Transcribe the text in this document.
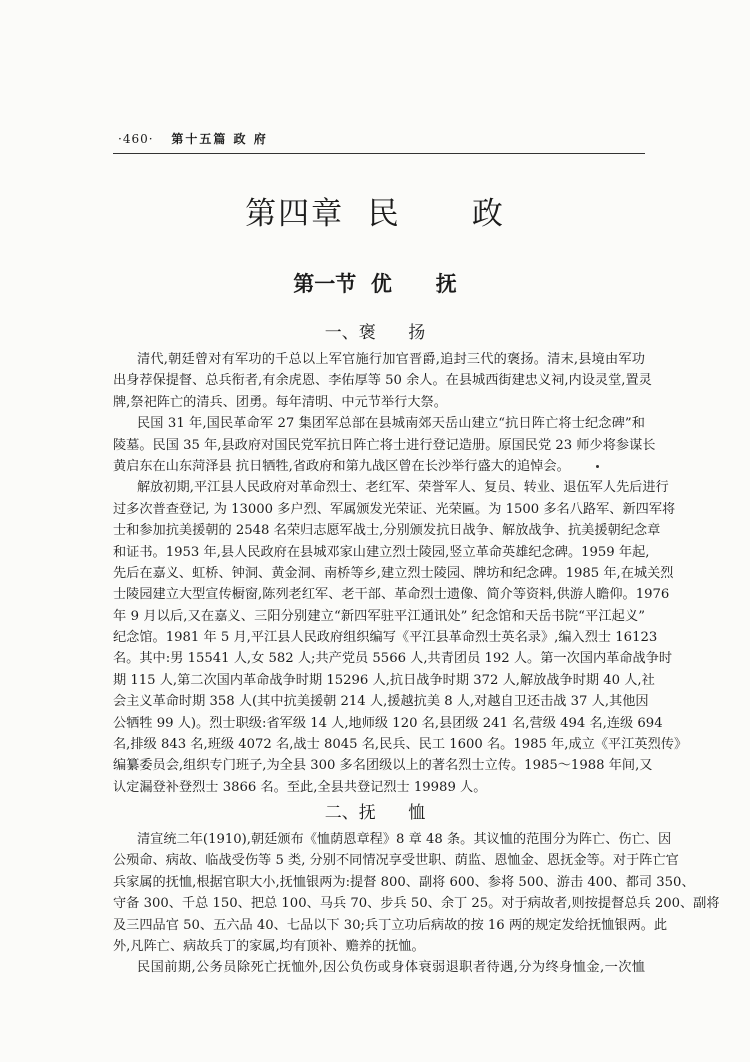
·460· 第十五篇 政 府
第四章  民      政
第一节  优      抚
一、褒      扬
清代,朝廷曾对有军功的千总以上军官施行加官晋爵,追封三代的褒扬。清末,县境由军功
出身荐保提督、总兵衔者,有余虎恩、李佑厚等 50 余人。在县城西街建忠义祠,内设灵堂,置灵
牌,祭祀阵亡的清兵、团勇。每年清明、中元节举行大祭。
民国 31 年,国民革命军 27 集团军总部在县城南郊天岳山建立“抗日阵亡将士纪念碑”和
陵墓。民国 35 年,县政府对国民党军抗日阵亡将士进行登记造册。原国民党 23 师少将参谋长
黄启东在山东菏泽县 抗日牺牲,省政府和第九战区曾在长沙举行盛大的追悼会。
解放初期,平江县人民政府对革命烈士、老红军、荣誉军人、复员、转业、退伍军人先后进行
过多次普查登记, 为 13000 多户烈、军属颁发光荣证、光荣匾。为 1500 多名八路军、新四军将
士和参加抗美援朝的 2548 名荣归志愿军战士,分别颁发抗日战争、解放战争、抗美援朝纪念章
和证书。1953 年,县人民政府在县城邓家山建立烈士陵园,竖立革命英雄纪念碑。1959 年起,
先后在嘉义、虹桥、钟洞、黄金洞、南桥等乡,建立烈士陵园、牌坊和纪念碑。1985 年,在城关烈
士陵园建立大型宣传橱窗,陈列老红军、老干部、革命烈士遗像、简介等资料,供游人瞻仰。1976
年 9 月以后,又在嘉义、三阳分别建立“新四军驻平江通讯处” 纪念馆和天岳书院“平江起义”
纪念馆。1981 年 5 月,平江县人民政府组织编写《平江县革命烈士英名录》,编入烈士 16123
名。其中:男 15541 人,女 582 人;共产党员 5566 人,共青团员 192 人。第一次国内革命战争时
期 115 人,第二次国内革命战争时期 15296 人,抗日战争时期 372 人,解放战争时期 40 人,社
会主义革命时期 358 人(其中抗美援朝 214 人,援越抗美 8 人,对越自卫还击战 37 人,其他因
公牺牲 99 人)。烈士职级:省军级 14 人,地师级 120 名,县团级 241 名,营级 494 名,连级 694
名,排级 843 名,班级 4072 名,战士 8045 名,民兵、民工 1600 名。1985 年,成立《平江英烈传》
编纂委员会,组织专门班子,为全县 300 多名团级以上的著名烈士立传。1985～1988 年间,又
认定漏登补登烈士 3866 名。至此,全县共登记烈士 19989 人。
二、抚      恤
清宣统二年(1910),朝廷颁布《恤荫恩章程》8 章 48 条。其议恤的范围分为阵亡、伤亡、因
公殒命、病故、临战受伤等 5 类, 分别不同情况享受世职、荫监、恩恤金、恩抚金等。对于阵亡官
兵家属的抚恤,根据官职大小,抚恤银两为:提督 800、副将 600、参将 500、游击 400、都司 350、
守备 300、千总 150、把总 100、马兵 70、步兵 50、余丁 25。对于病故者,则按提督总兵 200、副将
及三四品官 50、五六品 40、七品以下 30;兵丁立功后病故的按 16 两的规定发给抚恤银两。此
外,凡阵亡、病故兵丁的家属,均有顶补、赡养的抚恤。
民国前期,公务员除死亡抚恤外,因公负伤或身体衰弱退职者待遇,分为终身恤金,一次恤
